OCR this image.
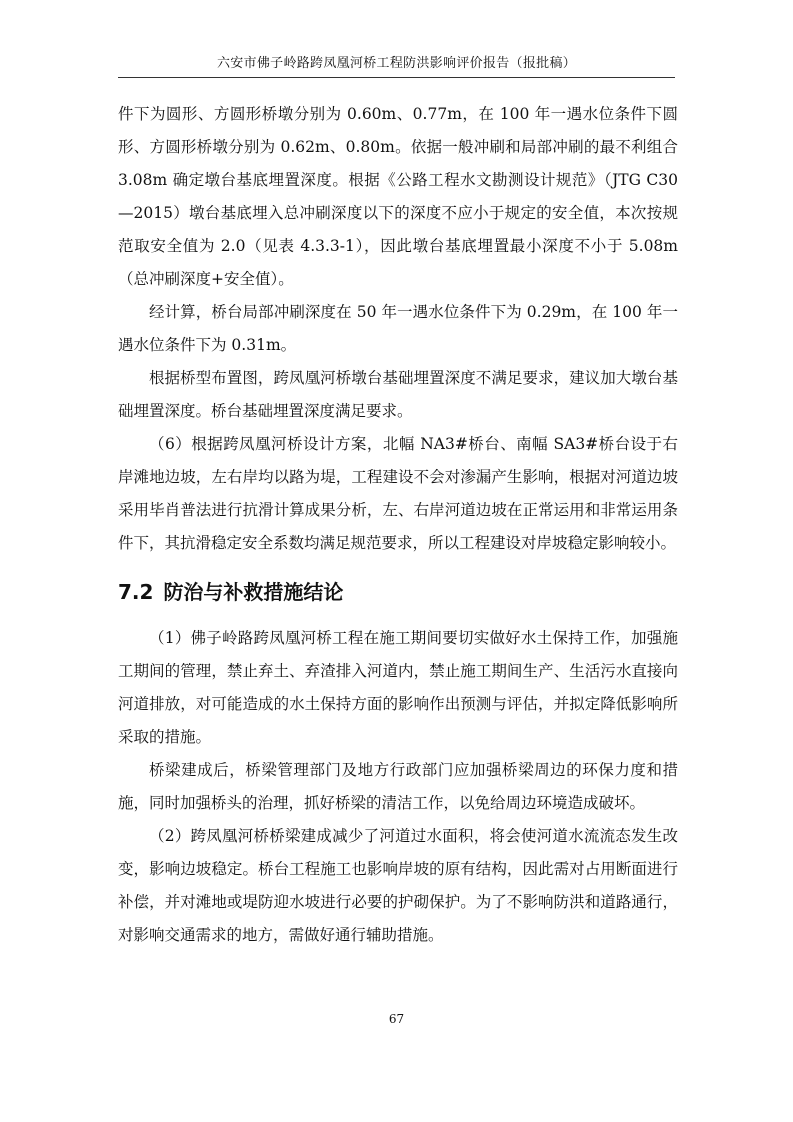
六安市佛子岭路跨凤凰河桥工程防洪影响评价报告（报批稿）

件下为圆形、方圆形桥墩分别为 0.60m、0.77m，在 100 年一遇水位条件下圆形、方圆形桥墩分别为 0.62m、0.80m。依据一般冲刷和局部冲刷的最不利组合 3.08m 确定墩台基底埋置深度。根据《公路工程水文勘测设计规范》（JTG C30—2015）墩台基底埋入总冲刷深度以下的深度不应小于规定的安全值，本次按规范取安全值为 2.0（见表 4.3.3-1），因此墩台基底埋置最小深度不小于 5.08m（总冲刷深度+安全值）。

经计算，桥台局部冲刷深度在 50 年一遇水位条件下为 0.29m，在 100 年一遇水位条件下为 0.31m。

根据桥型布置图，跨凤凰河桥墩台基础埋置深度不满足要求，建议加大墩台基础埋置深度。桥台基础埋置深度满足要求。

（6）根据跨凤凰河桥设计方案，北幅 NA3#桥台、南幅 SA3#桥台设于右岸滩地边坡，左右岸均以路为堤，工程建设不会对渗漏产生影响，根据对河道边坡采用毕肖普法进行抗滑计算成果分析，左、右岸河道边坡在正常运用和非常运用条件下，其抗滑稳定安全系数均满足规范要求，所以工程建设对岸坡稳定影响较小。

7.2 防治与补救措施结论

（1）佛子岭路跨凤凰河桥工程在施工期间要切实做好水土保持工作，加强施工期间的管理，禁止弃土、弃渣排入河道内，禁止施工期间生产、生活污水直接向河道排放，对可能造成的水土保持方面的影响作出预测与评估，并拟定降低影响所采取的措施。

桥梁建成后，桥梁管理部门及地方行政部门应加强桥梁周边的环保力度和措施，同时加强桥头的治理，抓好桥梁的清洁工作，以免给周边环境造成破坏。

（2）跨凤凰河桥桥梁建成减少了河道过水面积，将会使河道水流流态发生改变，影响边坡稳定。桥台工程施工也影响岸坡的原有结构，因此需对占用断面进行补偿，并对滩地或堤防迎水坡进行必要的护砌保护。为了不影响防洪和道路通行，对影响交通需求的地方，需做好通行辅助措施。

67
